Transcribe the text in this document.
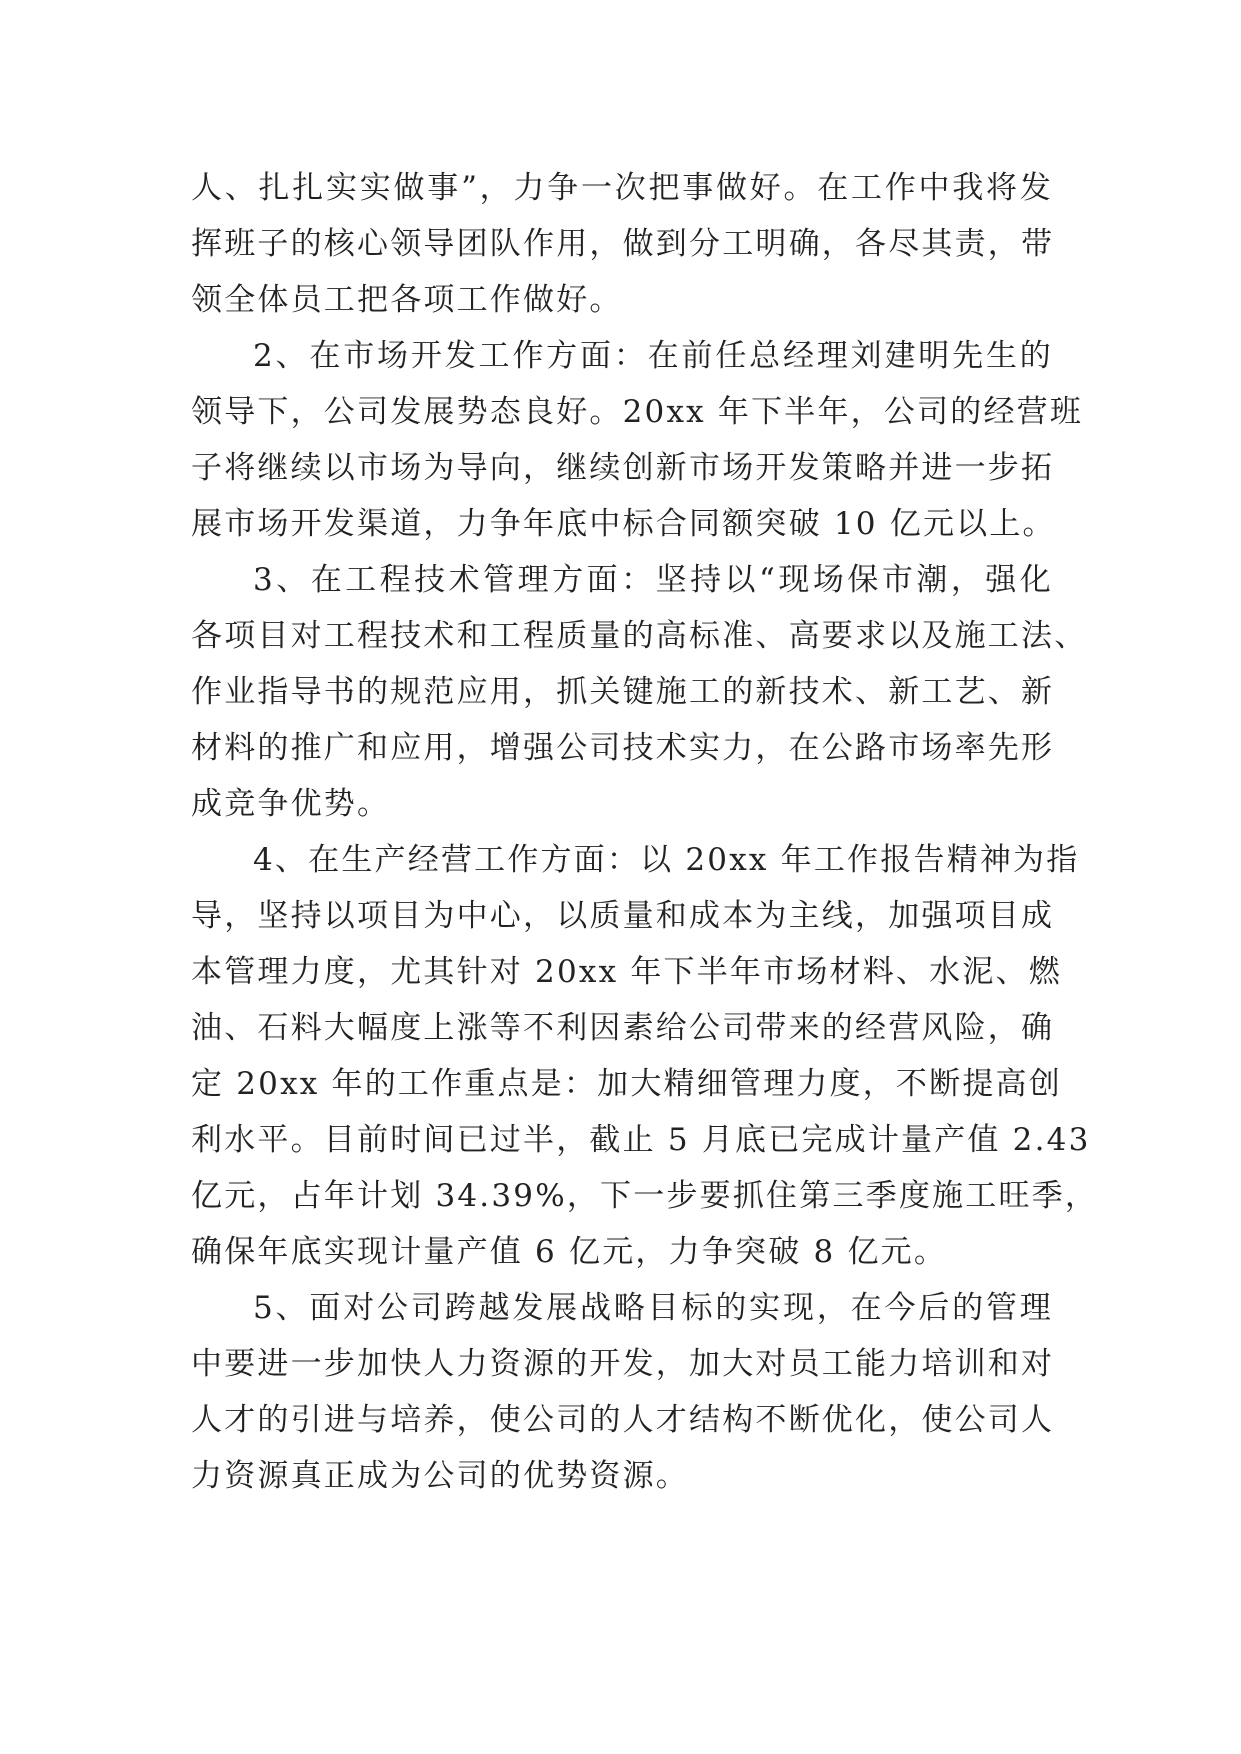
人、扎扎实实做事”，力争一次把事做好。在工作中我将发
挥班子的核心领导团队作用，做到分工明确，各尽其责，带
领全体员工把各项工作做好。
2、在市场开发工作方面：在前任总经理刘建明先生的
领导下，公司发展势态良好。20xx 年下半年，公司的经营班
子将继续以市场为导向，继续创新市场开发策略并进一步拓
展市场开发渠道，力争年底中标合同额突破 10 亿元以上。
3、在工程技术管理方面：坚持以“现场保市潮，强化
各项目对工程技术和工程质量的高标准、高要求以及施工法、
作业指导书的规范应用，抓关键施工的新技术、新工艺、新
材料的推广和应用，增强公司技术实力，在公路市场率先形
成竞争优势。
4、在生产经营工作方面：以 20xx 年工作报告精神为指
导，坚持以项目为中心，以质量和成本为主线，加强项目成
本管理力度，尤其针对 20xx 年下半年市场材料、水泥、燃
油、石料大幅度上涨等不利因素给公司带来的经营风险，确
定 20xx 年的工作重点是：加大精细管理力度，不断提高创
利水平。目前时间已过半，截止 5 月底已完成计量产值 2.43
亿元，占年计划 34.39%，下一步要抓住第三季度施工旺季，
确保年底实现计量产值 6 亿元，力争突破 8 亿元。
5、面对公司跨越发展战略目标的实现，在今后的管理
中要进一步加快人力资源的开发，加大对员工能力培训和对
人才的引进与培养，使公司的人才结构不断优化，使公司人
力资源真正成为公司的优势资源。
